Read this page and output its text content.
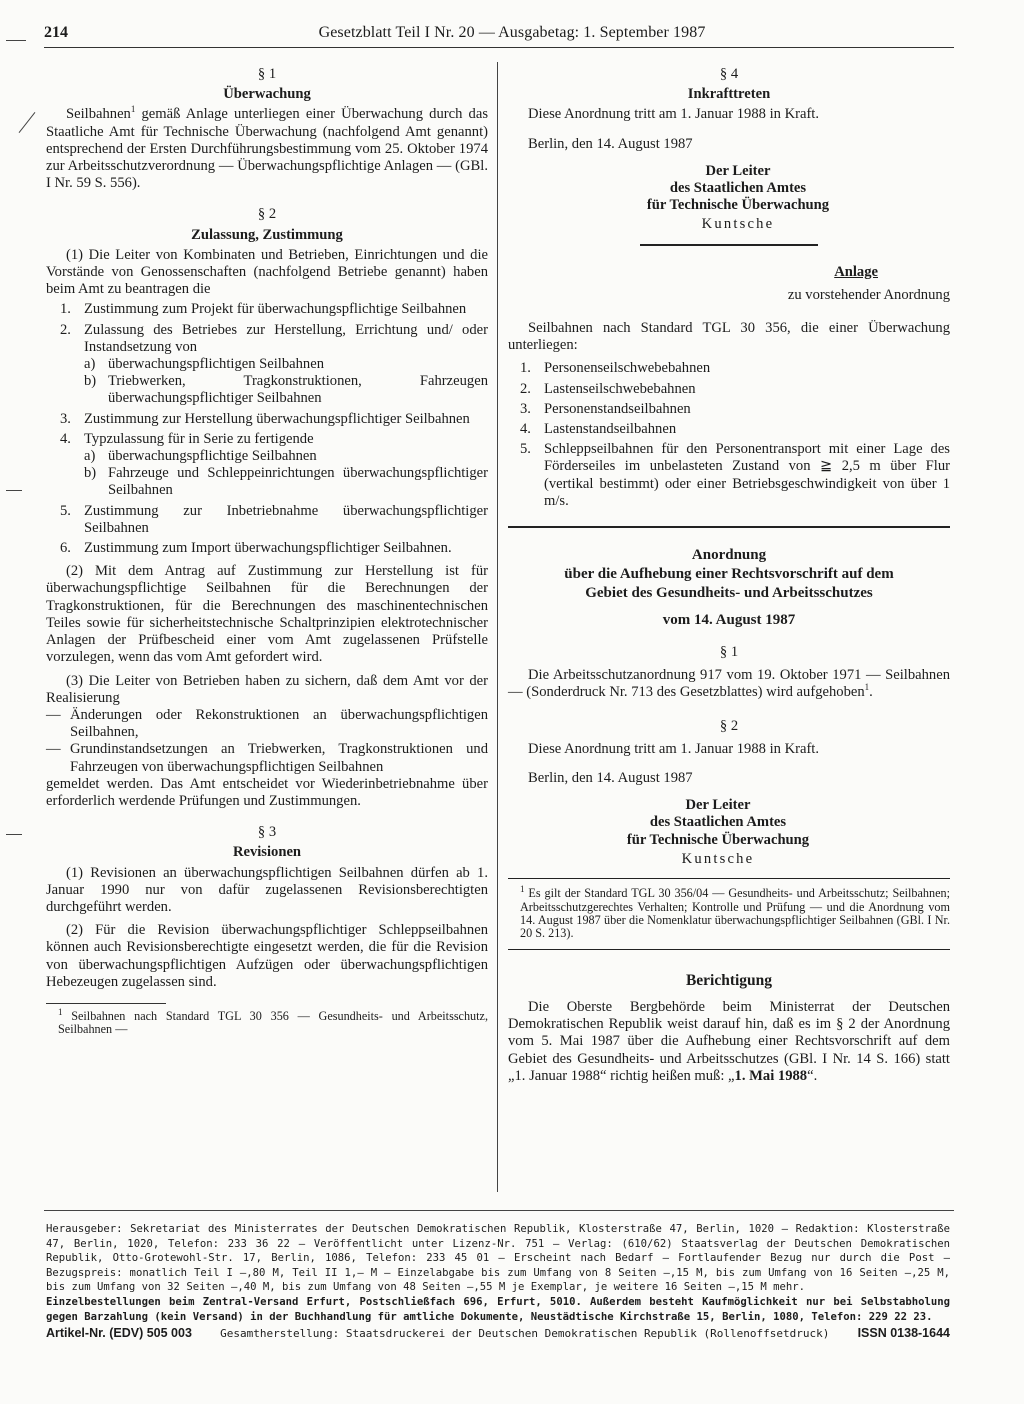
214	Gesetzblatt Teil I Nr. 20 — Ausgabetag: 1. September 1987
§ 1
Überwachung

Seilbahnen$^1$ gemäß Anlage unterliegen einer Überwachung durch das Staatliche Amt für Technische Überwachung (nachfolgend Amt genannt) entsprechend der Ersten Durchführungsbestimmung vom 25. Oktober 1974 zur Arbeitsschutzverordnung — Überwachungspflichtige Anlagen — (GBl. I Nr. 59 S. 556).

§ 2
Zulassung, Zustimmung

(1) Die Leiter von Kombinaten und Betrieben, Einrichtungen und die Vorstände von Genossenschaften (nachfolgend Betriebe genannt) haben beim Amt zu beantragen die

1. Zustimmung zum Projekt für überwachungspflichtige Seilbahnen
2. Zulassung des Betriebes zur Herstellung, Errichtung und/ oder Instandsetzung von
a) überwachungspflichtigen Seilbahnen
b) Triebwerken, Tragkonstruktionen, Fahrzeugen überwachungspflichtiger Seilbahnen
3. Zustimmung zur Herstellung überwachungspflichtiger Seilbahnen
4. Typzulassung für in Serie zu fertigende
a) überwachungspflichtige Seilbahnen
b) Fahrzeuge und Schleppeinrichtungen überwachungspflichtiger Seilbahnen
5. Zustimmung zur Inbetriebnahme überwachungspflichtiger Seilbahnen
6. Zustimmung zum Import überwachungspflichtiger Seilbahnen.

(2) Mit dem Antrag auf Zustimmung zur Herstellung ist für überwachungspflichtige Seilbahnen für die Berechnungen der Tragkonstruktionen, für die Berechnungen des maschinentechnischen Teiles sowie für sicherheitstechnische Schaltprinzipien elektrotechnischer Anlagen der Prüfbescheid einer vom Amt zugelassenen Prüfstelle vorzulegen, wenn das vom Amt gefordert wird.

(3) Die Leiter von Betrieben haben zu sichern, daß dem Amt vor der Realisierung

— Änderungen oder Rekonstruktionen an überwachungspflichtigen Seilbahnen,
— Grundinstandsetzungen an Triebwerken, Tragkonstruktionen und Fahrzeugen von überwachungspflichtigen Seilbahnen

gemeldet werden. Das Amt entscheidet vor Wiederinbetriebnahme über erforderlich werdende Prüfungen und Zustimmungen.

§ 3
Revisionen

(1) Revisionen an überwachungspflichtigen Seilbahnen dürfen ab 1. Januar 1990 nur von dafür zugelassenen Revisionsberechtigten durchgeführt werden.

(2) Für die Revision überwachungspflichtiger Schleppseilbahnen können auch Revisionsberechtigte eingesetzt werden, die für die Revision von überwachungspflichtigen Aufzügen oder überwachungspflichtigen Hebezeugen zugelassen sind.

$^1$ Seilbahnen nach Standard TGL 30 356 — Gesundheits- und Arbeitsschutz, Seilbahnen —
§ 4
Inkrafttreten

Diese Anordnung tritt am 1. Januar 1988 in Kraft.

Berlin, den 14. August 1987

Der Leiter
des Staatlichen Amtes
für Technische Überwachung
Kuntsche
Anlage
zu vorstehender Anordnung

Seilbahnen nach Standard TGL 30 356, die einer Überwachung unterliegen:

1. Personenseilschwebebahnen
2. Lastenseilschwebebahnen
3. Personenstandseilbahnen
4. Lastenstandseilbahnen
5. Schleppseilbahnen für den Personentransport mit einer Lage des Förderseiles im unbelasteten Zustand von ≧ 2,5 m über Flur (vertikal bestimmt) oder einer Betriebsgeschwindigkeit von über 1 m/s.
Anordnung
über die Aufhebung einer Rechtsvorschrift auf dem
Gebiet des Gesundheits- und Arbeitsschutzes
vom 14. August 1987
§ 1

Die Arbeitsschutzanordnung 917 vom 19. Oktober 1971 — Seilbahnen — (Sonderdruck Nr. 713 des Gesetzblattes) wird aufgehoben$^1$.

§ 2

Diese Anordnung tritt am 1. Januar 1988 in Kraft.

Berlin, den 14. August 1987

Der Leiter
des Staatlichen Amtes
für Technische Überwachung
Kuntsche
$^1$ Es gilt der Standard TGL 30 356/04 — Gesundheits- und Arbeitsschutz; Seilbahnen; Arbeitsschutzgerechtes Verhalten; Kontrolle und Prüfung — und die Anordnung vom 14. August 1987 über die Nomenklatur überwachungspflichtiger Seilbahnen (GBl. I Nr. 20 S. 213).
Berichtigung

Die Oberste Bergbehörde beim Ministerrat der Deutschen Demokratischen Republik weist darauf hin, daß es im § 2 der Anordnung vom 5. Mai 1987 über die Aufhebung einer Rechtsvorschrift auf dem Gebiet des Gesundheits- und Arbeitsschutzes (GBl. I Nr. 14 S. 166) statt „1. Januar 1988“ richtig heißen muß: „1. Mai 1988“.

Herausgeber: Sekretariat des Ministerrates der Deutschen Demokratischen Republik, Klosterstraße 47, Berlin, 1020 — Redaktion: Klosterstraße 47, Berlin, 1020, Telefon: 233 36 22 — Veröffentlicht unter Lizenz-Nr. 751 — Verlag: (610/62) Staatsverlag der Deutschen Demokratischen Republik, Otto-Grotewohl-Str. 17, Berlin, 1086, Telefon: 233 45 01 — Erscheint nach Bedarf — Fortlaufender Bezug nur durch die Post — Bezugspreis: monatlich Teil I —,80 M, Teil II 1,— M — Einzelabgabe bis zum Umfang von 8 Seiten —,15 M, bis zum Umfang von 16 Seiten —,25 M, bis zum Umfang von 32 Seiten —,40 M, bis zum Umfang von 48 Seiten —,55 M je Exemplar, je weitere 16 Seiten —,15 M mehr.
Einzelbestellungen beim Zentral-Versand Erfurt, Postschließfach 696, Erfurt, 5010. Außerdem besteht Kaufmöglichkeit nur bei Selbstabholung gegen Barzahlung (kein Versand) in der Buchhandlung für amtliche Dokumente, Neustädtische Kirchstraße 15, Berlin, 1080, Telefon: 229 22 23.
Artikel-Nr. (EDV) 505 003	Gesamtherstellung: Staatsdruckerei der Deutschen Demokratischen Republik (Rollenoffsetdruck) ISSN 0138-1644
